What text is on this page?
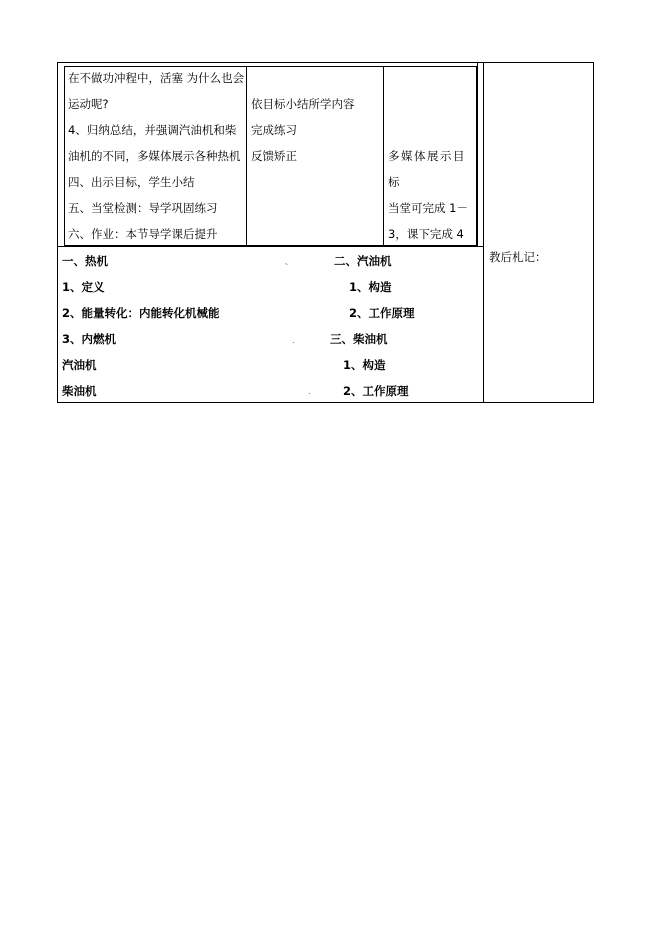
在不做功冲程中，活塞 为什么也会
运动呢?
4、归纳总结，并强调汽油机和柴
油机的不同，多媒体展示各种热机
四、出示目标，学生小结
五、当堂检测：导学巩固练习
六、作业：本节导学课后提升
依目标小结所学内容
完成练习
反馈矫正	多媒体展示目
标
当堂可完成 1－
3，课下完成 4
一、热机
1、定义
2、能量转化：内能转化机械能
3、内燃机
汽油机
柴油机
二、汽油机
1、构造
2、工作原理
三、柴油机
1、构造
2、工作原理
、
.
.
教后札记：
